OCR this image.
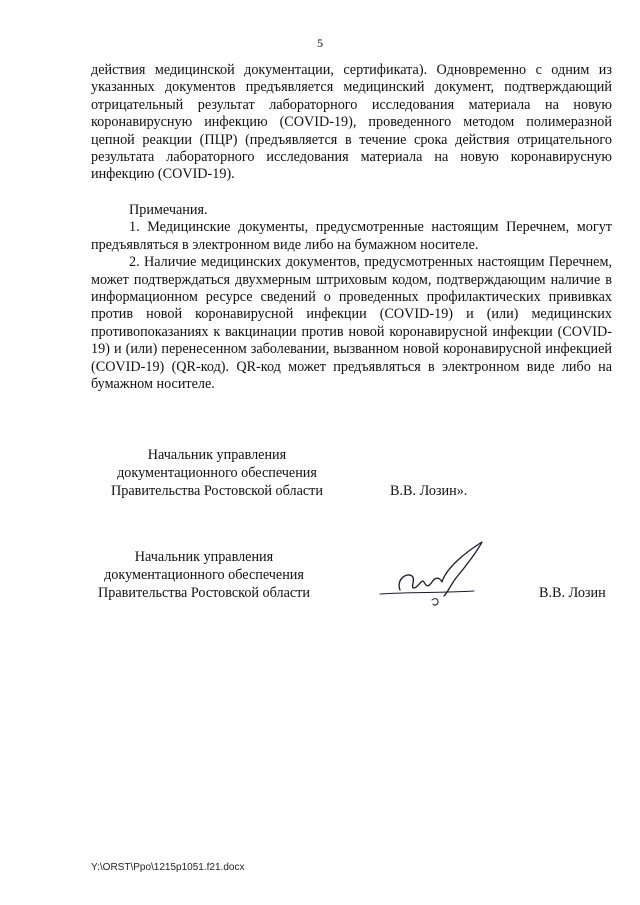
5

действия медицинской документации, сертификата). Одновременно с одним из указанных документов предъявляется медицинский документ, подтверждающий отрицательный результат лабораторного исследования материала на новую коронавирусную инфекцию (COVID-19), проведенного методом полимеразной цепной реакции (ПЦР) (предъявляется в течение срока действия отрицательного результата лабораторного исследования материала на новую коронавирусную инфекцию (COVID-19).

Примечания.

1. Медицинские документы, предусмотренные настоящим Перечнем, могут предъявляться в электронном виде либо на бумажном носителе.

2. Наличие медицинских документов, предусмотренных настоящим Перечнем, может подтверждаться двухмерным штриховым кодом, подтверждающим наличие в информационном ресурсе сведений о проведенных профилактических прививках против новой коронавирусной инфекции (COVID-19) и (или) медицинских противопоказаниях к вакцинации против новой коронавирусной инфекции (COVID-19) и (или) перенесенном заболевании, вызванном новой коронавирусной инфекцией (COVID-19) (QR-код). QR-код может предъявляться в электронном виде либо на бумажном носителе.

Начальник управления
документационного обеспечения
Правительства Ростовской области	В.В. Лозин».
Начальник управления
документационного обеспечения
Правительства Ростовской области	В.В. Лозин
Y:\ORST\Ppo\1215p1051.f21.docx
